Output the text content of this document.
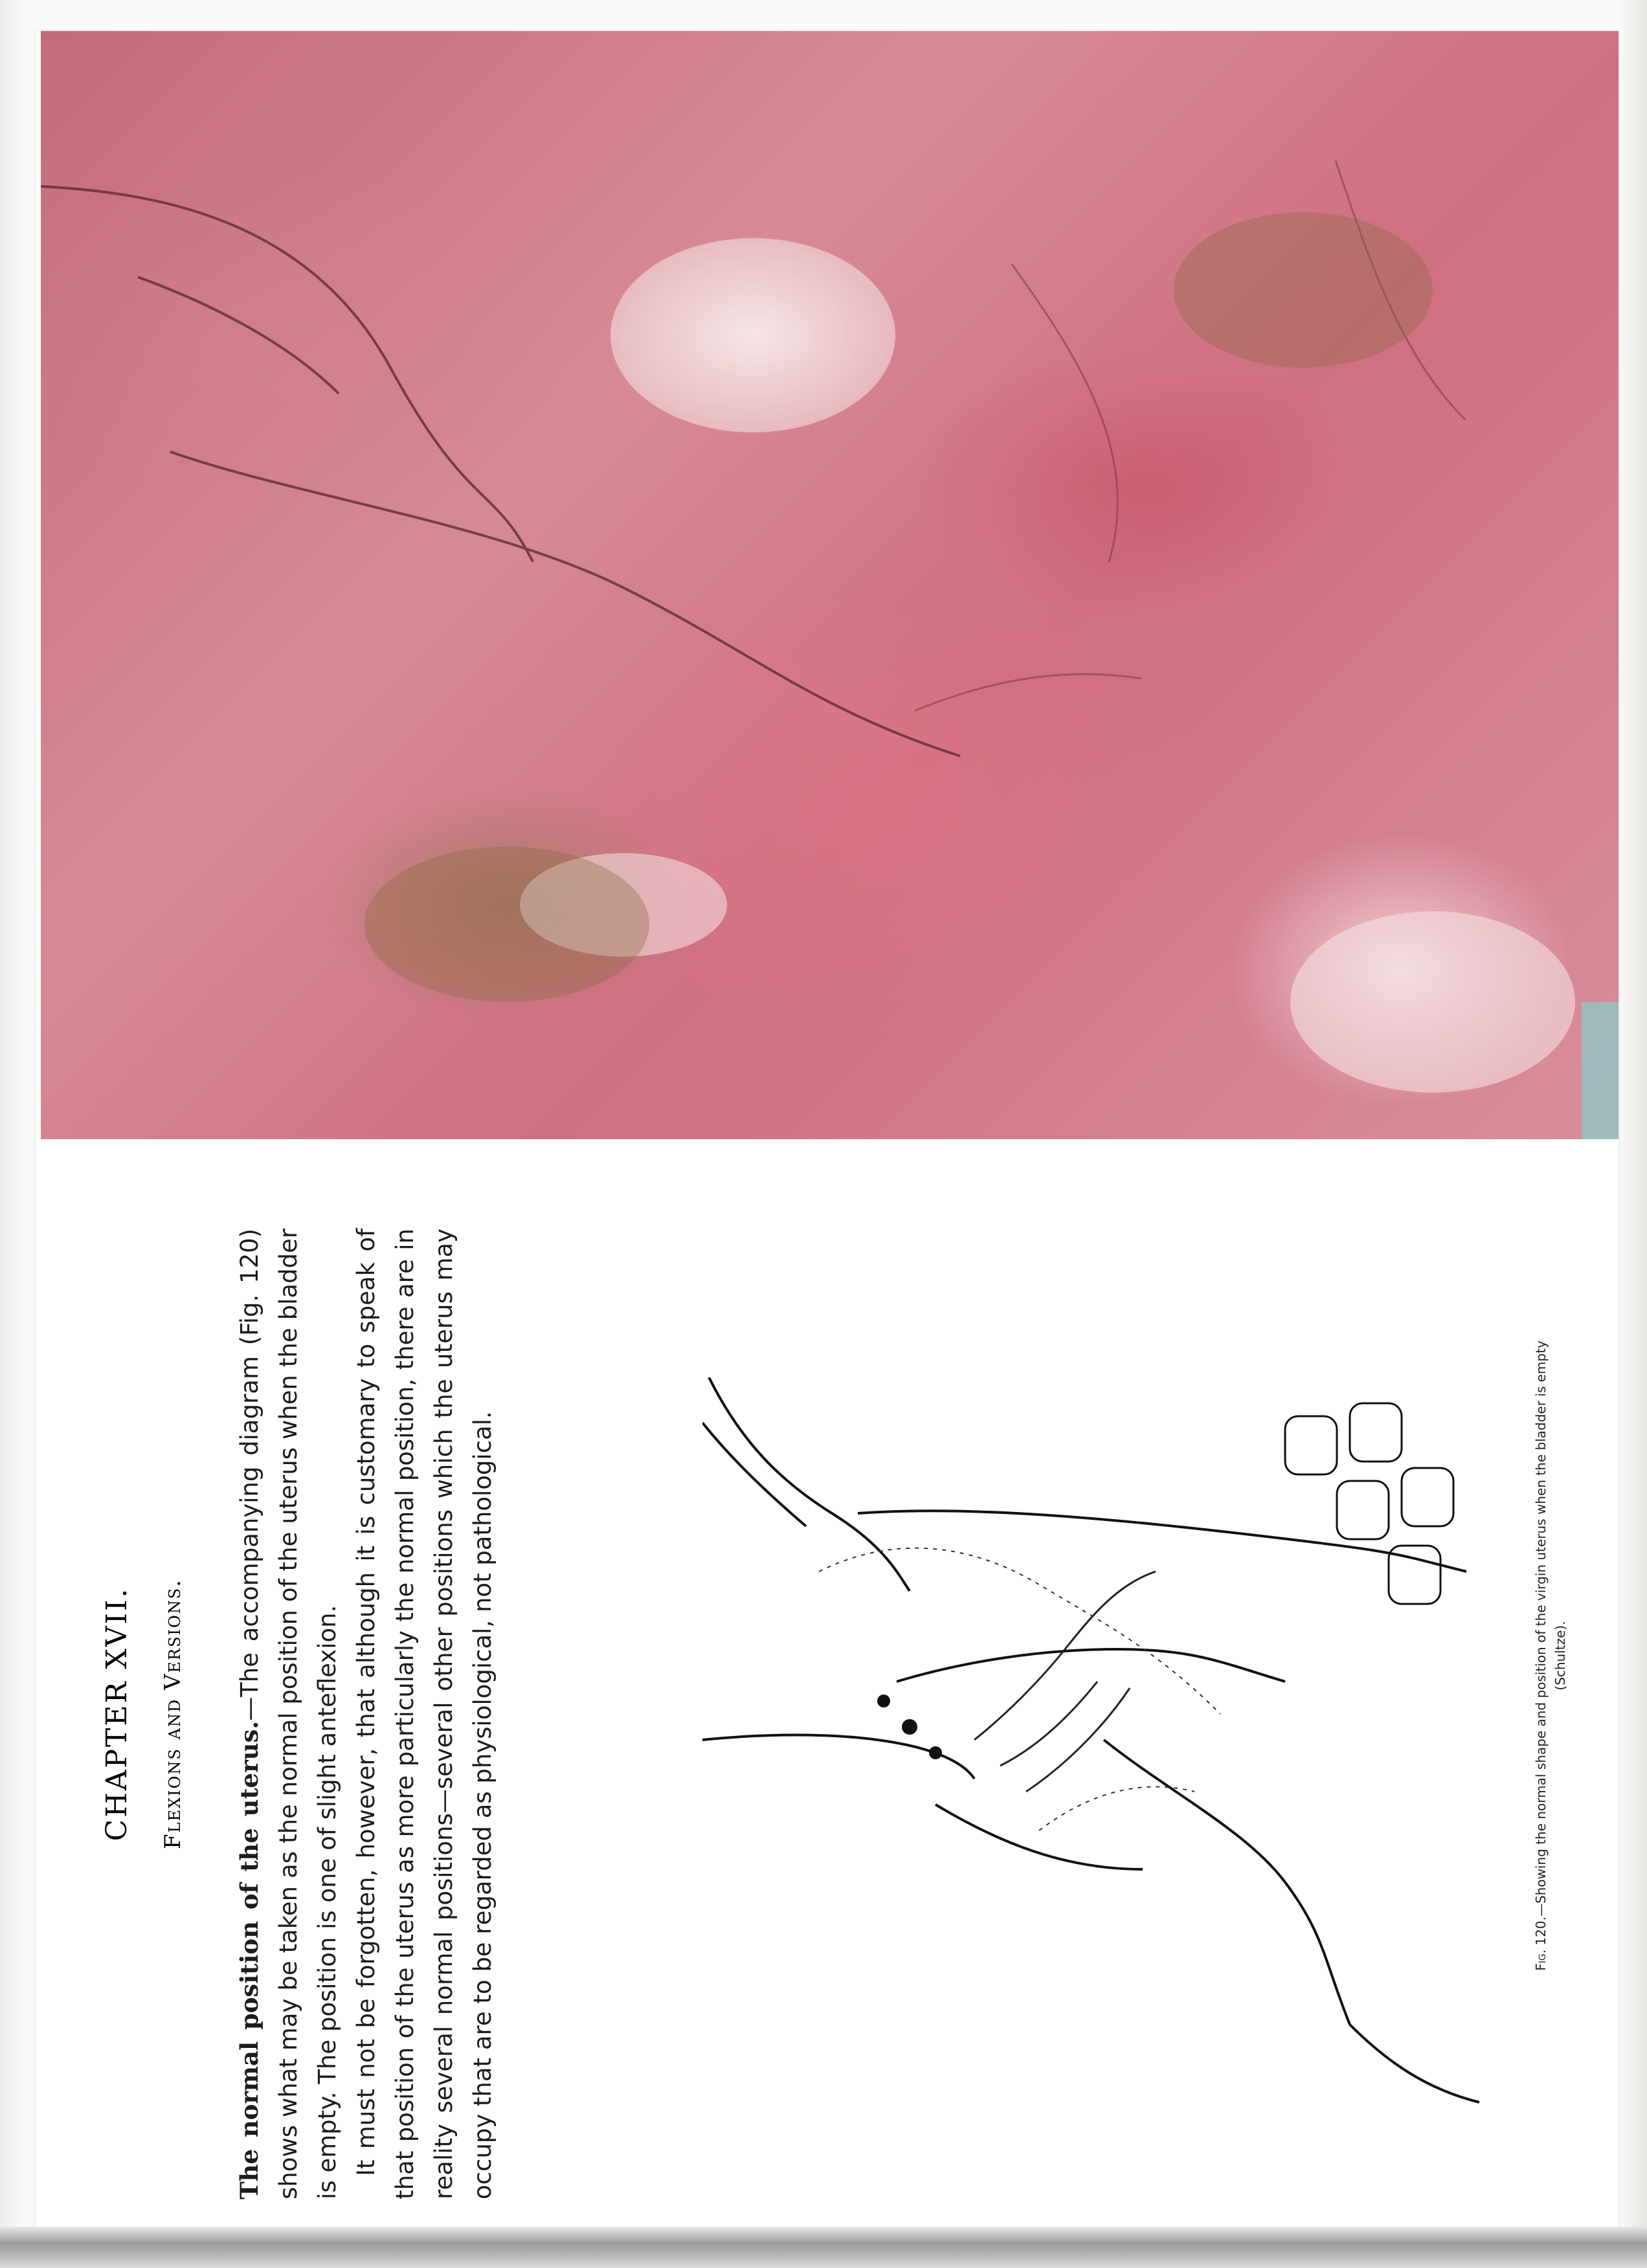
CHAPTER XVII. Flexions and Versions.

The normal position of the uterus.—The accompanying diagram (Fig. 120) shows what may be taken as the normal position of the uterus when the bladder is empty. The position is one of slight anteflexion. It must not be forgotten, however, that although it is customary to speak of that position of the uterus as more particularly the normal position, there are in reality several normal positions—several other positions which the uterus may occupy that are to be regarded as physiological, not pathological.	Fig. 120.—Showing the normal shape and position of the virgin uterus when the bladder is empty (Schultze).
